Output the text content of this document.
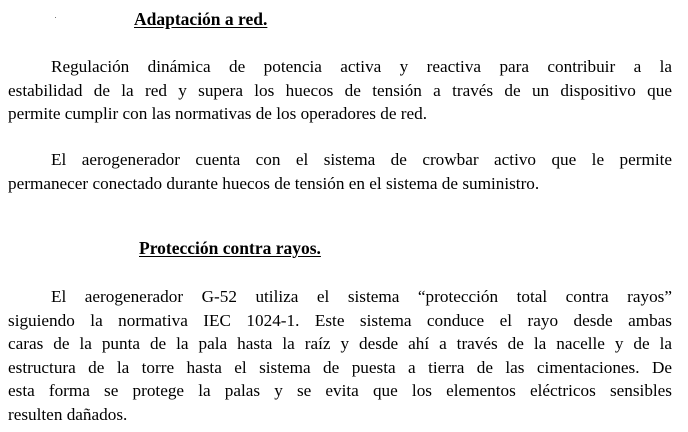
Adaptación a red.
Regulación dinámica de potencia activa y reactiva para contribuir a la
estabilidad de la red y supera los huecos de tensión a través de un dispositivo que
permite cumplir con las normativas de los operadores de red.
El aerogenerador cuenta con el sistema de crowbar activo que le permite
permanecer conectado durante huecos de tensión en el sistema de suministro.
Protección contra rayos.
El aerogenerador G-52 utiliza el sistema “protección total contra rayos”
siguiendo la normativa IEC 1024-1. Este sistema conduce el rayo desde ambas
caras de la punta de la pala hasta la raíz y desde ahí a través de la nacelle y de la
estructura de la torre hasta el sistema de puesta a tierra de las cimentaciones. De
esta forma se protege la palas y se evita que los elementos eléctricos sensibles
resulten dañados.
